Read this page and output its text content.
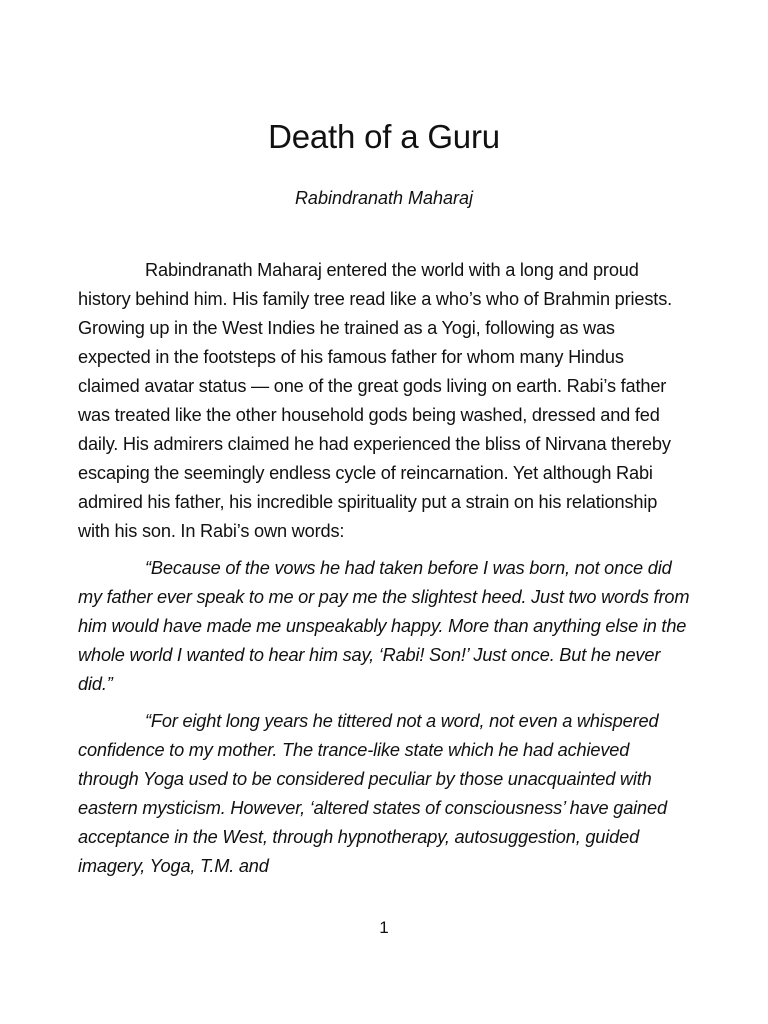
Death of a Guru

Rabindranath Maharaj

Rabindranath Maharaj entered the world with a long and proud history behind him. His family tree read like a who’s who of Brahmin priests. Growing up in the West Indies he trained as a Yogi, following as was expected in the footsteps of his famous father for whom many Hindus claimed avatar status — one of the great gods living on earth. Rabi’s father was treated like the other household gods being washed, dressed and fed daily. His admirers claimed he had experienced the bliss of Nirvana thereby escaping the seemingly endless cycle of reincarnation. Yet although Rabi admired his father, his incredible spirituality put a strain on his relationship with his son. In Rabi’s own words:

“Because of the vows he had taken before I was born, not once did my father ever speak to me or pay me the slightest heed. Just two words from him would have made me unspeakably happy. More than anything else in the whole world I wanted to hear him say, ‘Rabi! Son!’ Just once. But he never did.”

“For eight long years he tittered not a word, not even a whispered confidence to my mother. The trance-like state which he had achieved through Yoga used to be considered peculiar by those unacquainted with eastern mysticism. However, ‘altered states of consciousness’ have gained acceptance in the West, through hypnotherapy, autosuggestion, guided imagery, Yoga, T.M. and

1
